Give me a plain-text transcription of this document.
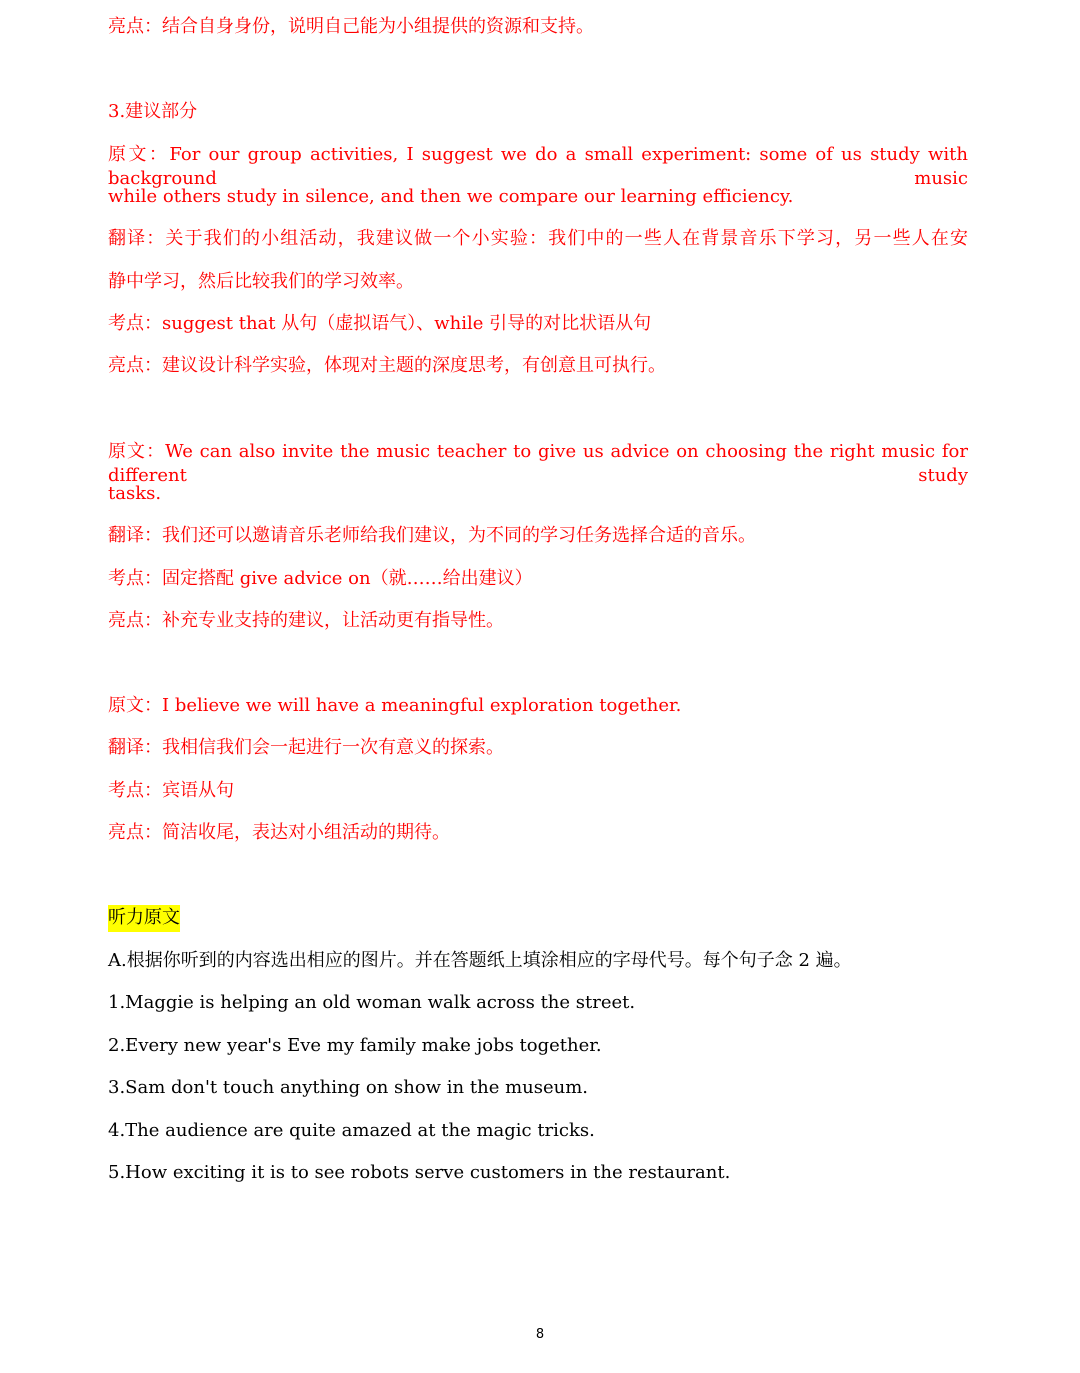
亮点：结合自身身份，说明自己能为小组提供的资源和支持。
3.建议部分
原文：For our group activities, I suggest we do a small experiment: some of us study with background music
while others study in silence, and then we compare our learning efficiency.
翻译：关于我们的小组活动，我建议做一个小实验：我们中的一些人在背景音乐下学习，另一些人在安
静中学习，然后比较我们的学习效率。
考点：suggest that 从句（虚拟语气）、while 引导的对比状语从句
亮点：建议设计科学实验，体现对主题的深度思考，有创意且可执行。
原文：We can also invite the music teacher to give us advice on choosing the right music for different study
tasks.
翻译：我们还可以邀请音乐老师给我们建议，为不同的学习任务选择合适的音乐。
考点：固定搭配 give advice on（就……给出建议）
亮点：补充专业支持的建议，让活动更有指导性。
原文：I believe we will have a meaningful exploration together.
翻译：我相信我们会一起进行一次有意义的探索。
考点：宾语从句
亮点：简洁收尾，表达对小组活动的期待。
听力原文
A.根据你听到的内容选出相应的图片。并在答题纸上填涂相应的字母代号。每个句子念 2 遍。
1.Maggie is helping an old woman walk across the street.
2.Every new year's Eve my family make jobs together.
3.Sam don't touch anything on show in the museum.
4.The audience are quite amazed at the magic tricks.
5.How exciting it is to see robots serve customers in the restaurant.
8
